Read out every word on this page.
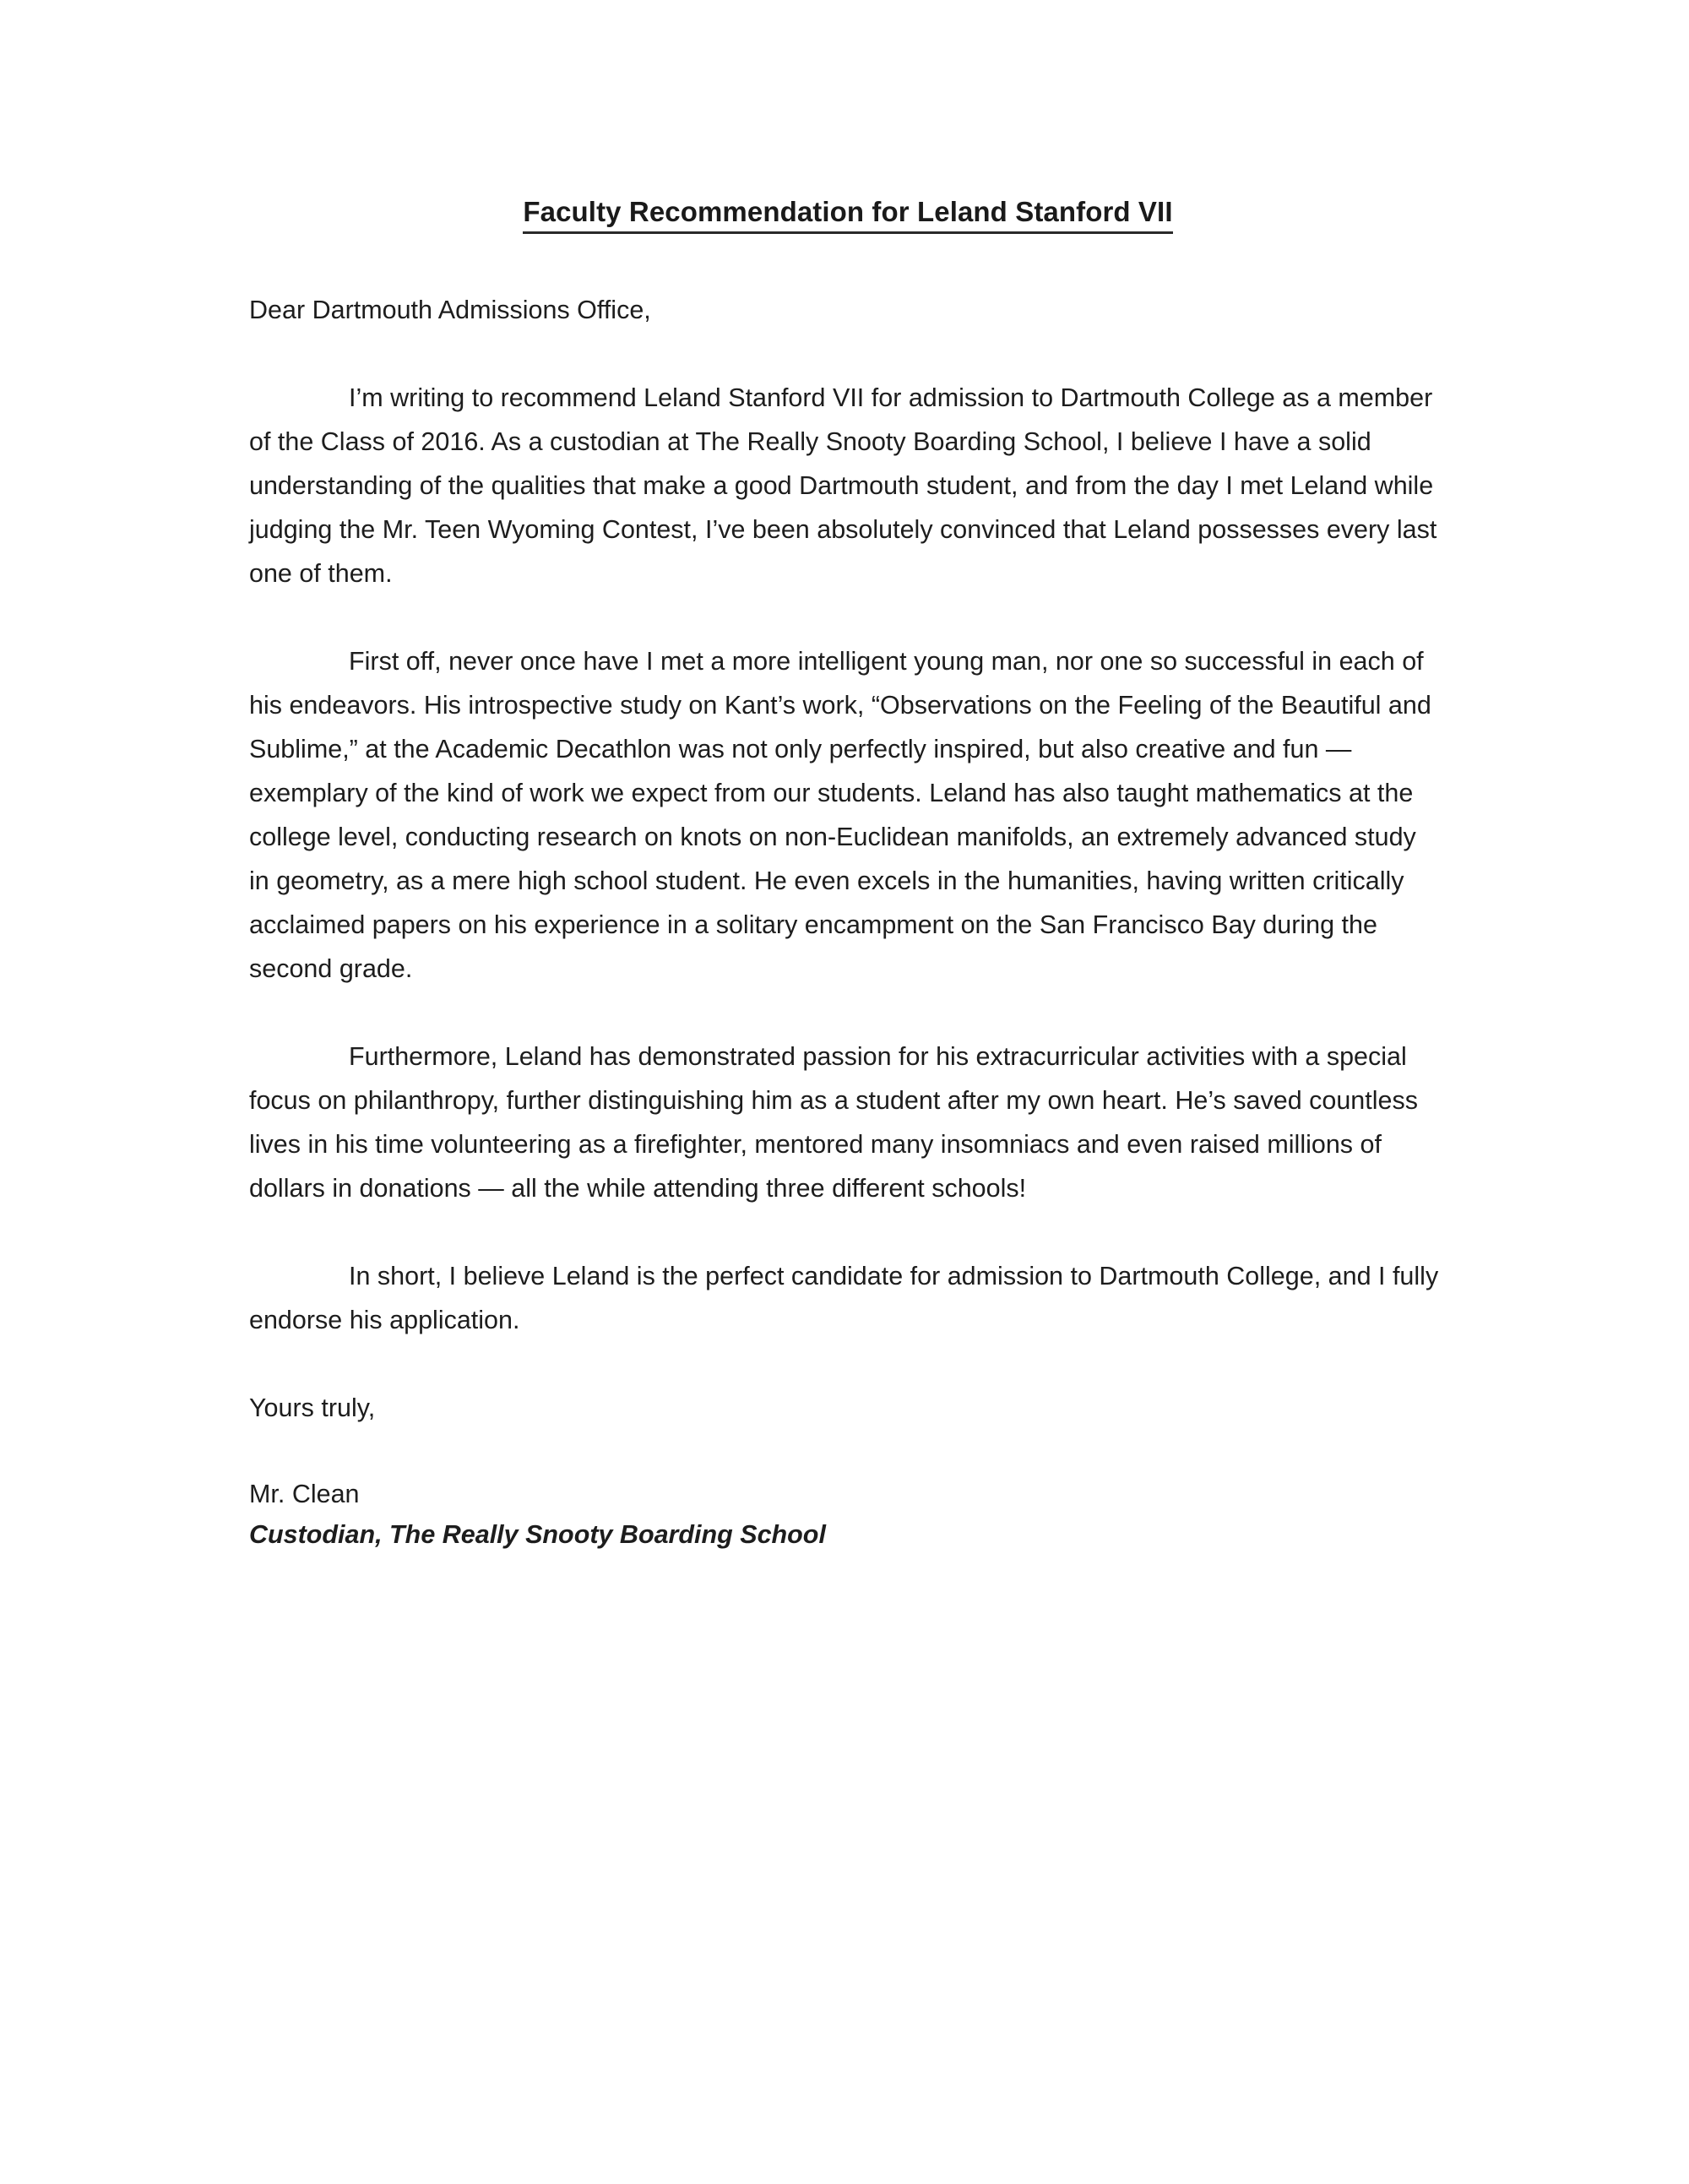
Faculty Recommendation for Leland Stanford VII

Dear Dartmouth Admissions Office,

I’m writing to recommend Leland Stanford VII for admission to Dartmouth College as a member of the Class of 2016. As a custodian at The Really Snooty Boarding School, I believe I have a solid understanding of the qualities that make a good Dartmouth student, and from the day I met Leland while judging the Mr. Teen Wyoming Contest, I’ve been absolutely convinced that Leland possesses every last one of them.

First off, never once have I met a more intelligent young man, nor one so successful in each of his endeavors. His introspective study on Kant’s work, “Observations on the Feeling of the Beautiful and Sublime,” at the Academic Decathlon was not only perfectly inspired, but also creative and fun — exemplary of the kind of work we expect from our students. Leland has also taught mathematics at the college level, conducting research on knots on non-Euclidean manifolds, an extremely advanced study in geometry, as a mere high school student. He even excels in the humanities, having written critically acclaimed papers on his experience in a solitary encampment on the San Francisco Bay during the second grade.

Furthermore, Leland has demonstrated passion for his extracurricular activities with a special focus on philanthropy, further distinguishing him as a student after my own heart. He’s saved countless lives in his time volunteering as a firefighter, mentored many insomniacs and even raised millions of dollars in donations — all the while attending three different schools!

In short, I believe Leland is the perfect candidate for admission to Dartmouth College, and I fully endorse his application.

Yours truly,

Mr. Clean
Custodian, The Really Snooty Boarding School
